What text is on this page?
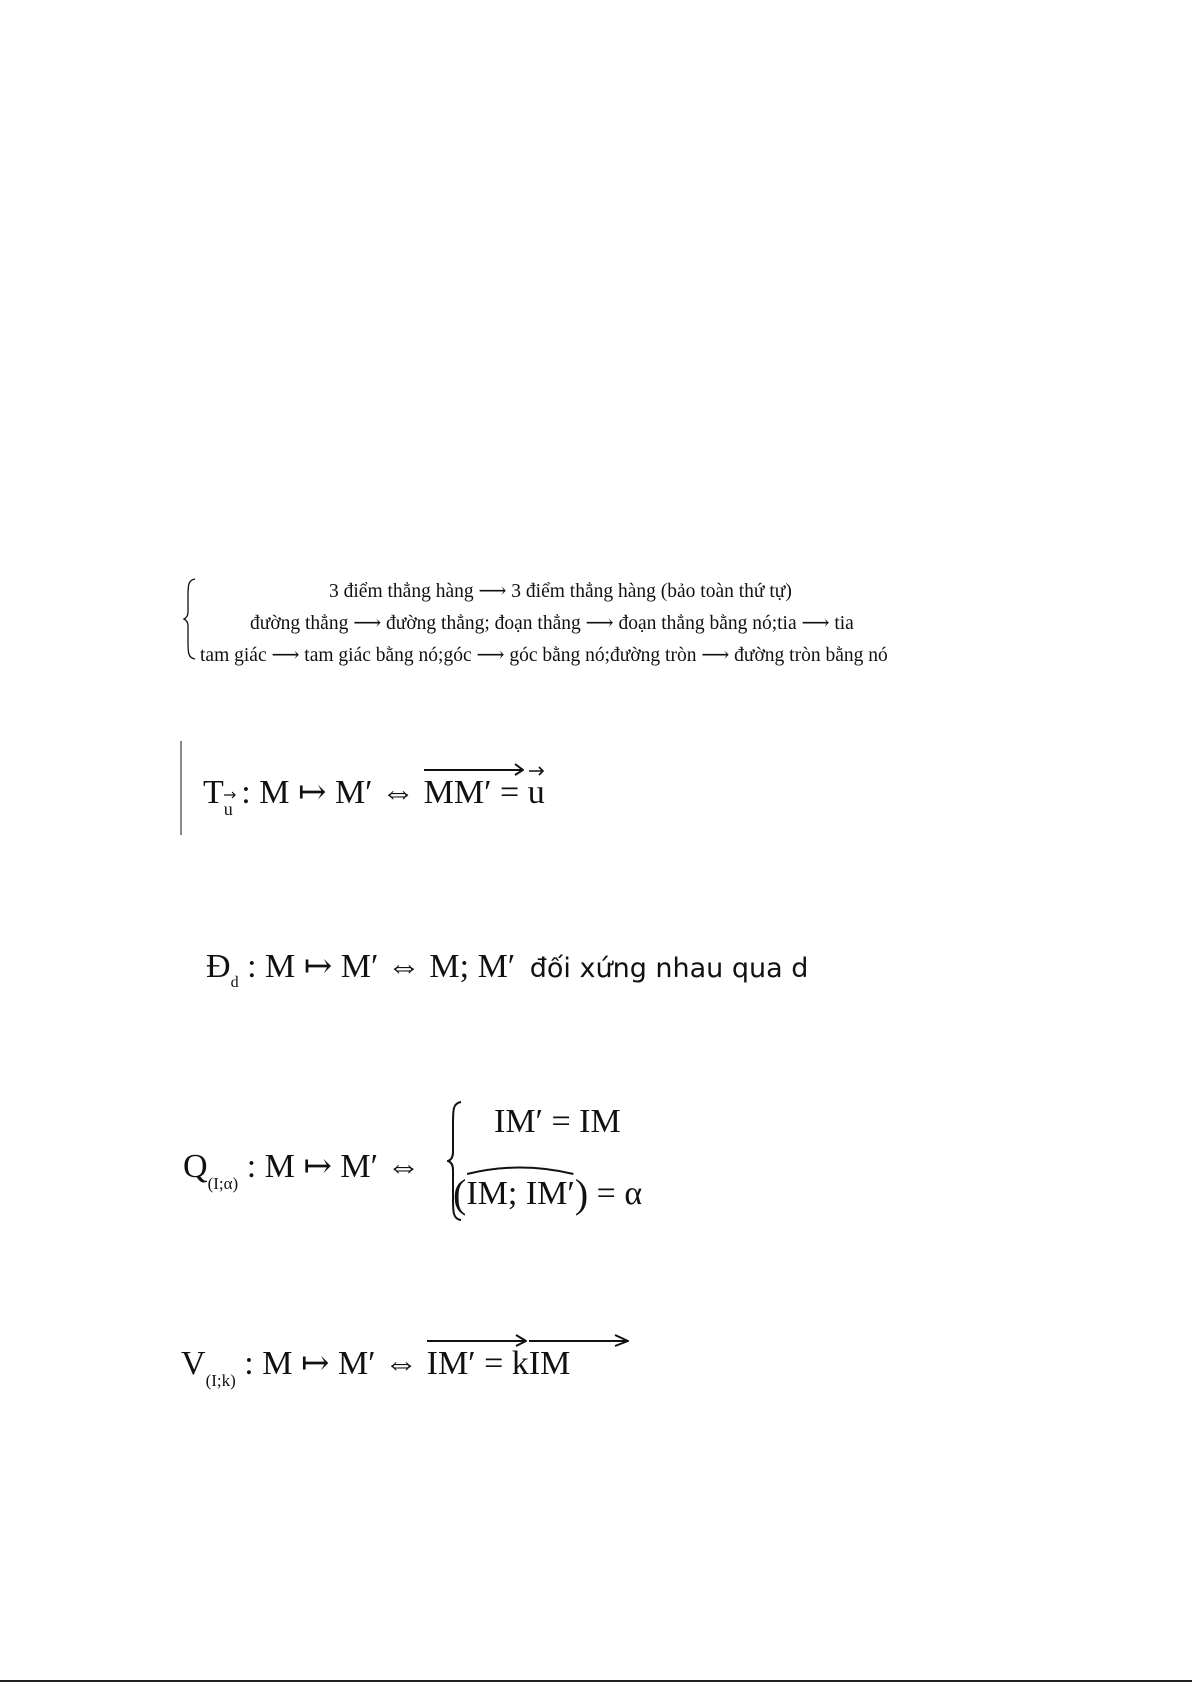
3 điểm thẳng hàng ⟶ 3 điểm thẳng hàng (bảo toàn thứ tự)
đường thẳng ⟶ đường thẳng; đoạn thẳng ⟶ đoạn thẳng bằng nó;tia ⟶ tia
tam giác ⟶ tam giác bằng nó;góc ⟶ góc bằng nó;đường tròn ⟶ đường tròn bằng nó
Tu
: M ↦ M′ ⇔ MM′
= u
$Đ_d$ : M ↦ M′ ⇔ M; M′ đối xứng nhau qua d
$Q_{(I;\alpha)}$ : M ↦ M′ ⇔
IM′ = IM
(IM; IM′
) = α
$V_{(I;k)}$ : M ↦ M′ ⇔ IM′
= kIM
